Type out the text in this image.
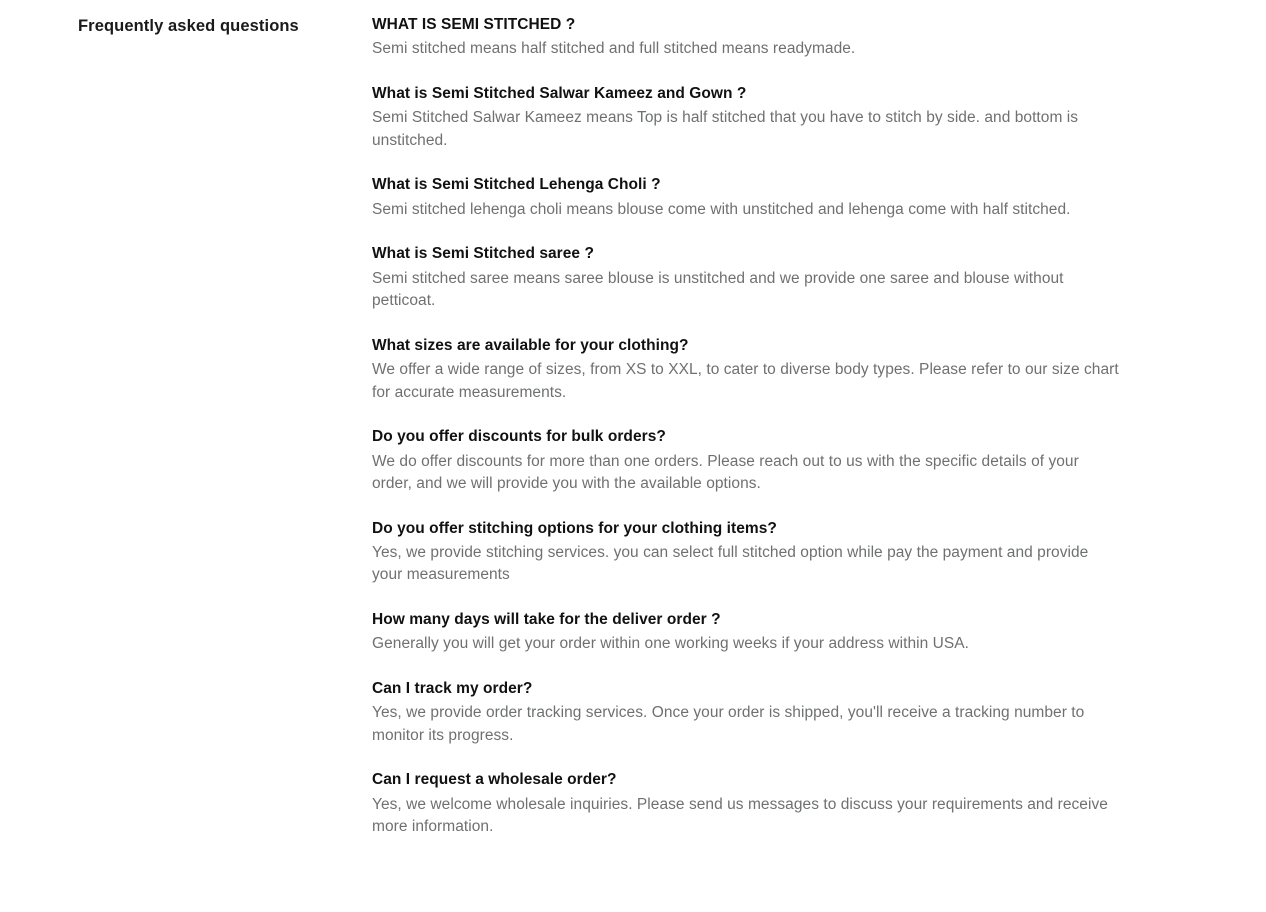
Frequently asked questions	WHAT IS SEMI STITCHED ?

Semi stitched means half stitched and full stitched means readymade.

What is Semi Stitched Salwar Kameez and Gown ?

Semi Stitched Salwar Kameez means Top is half stitched that you have to stitch by side. and bottom is unstitched.

What is Semi Stitched Lehenga Choli ?

Semi stitched lehenga choli means blouse come with unstitched and lehenga come with half stitched.

What is Semi Stitched saree ?

Semi stitched saree means saree blouse is unstitched and we provide one saree and blouse without petticoat.

What sizes are available for your clothing?

We offer a wide range of sizes, from XS to XXL, to cater to diverse body types. Please refer to our size chart for accurate measurements.

Do you offer discounts for bulk orders?

We do offer discounts for more than one orders. Please reach out to us with the specific details of your order, and we will provide you with the available options.

Do you offer stitching options for your clothing items?

Yes, we provide stitching services. you can select full stitched option while pay the payment and provide your measurements

How many days will take for the deliver order ?

Generally you will get your order within one working weeks if your address within USA.

Can I track my order?

Yes, we provide order tracking services. Once your order is shipped, you'll receive a tracking number to monitor its progress.

Can I request a wholesale order?

Yes, we welcome wholesale inquiries. Please send us messages to discuss your requirements and receive more information.
